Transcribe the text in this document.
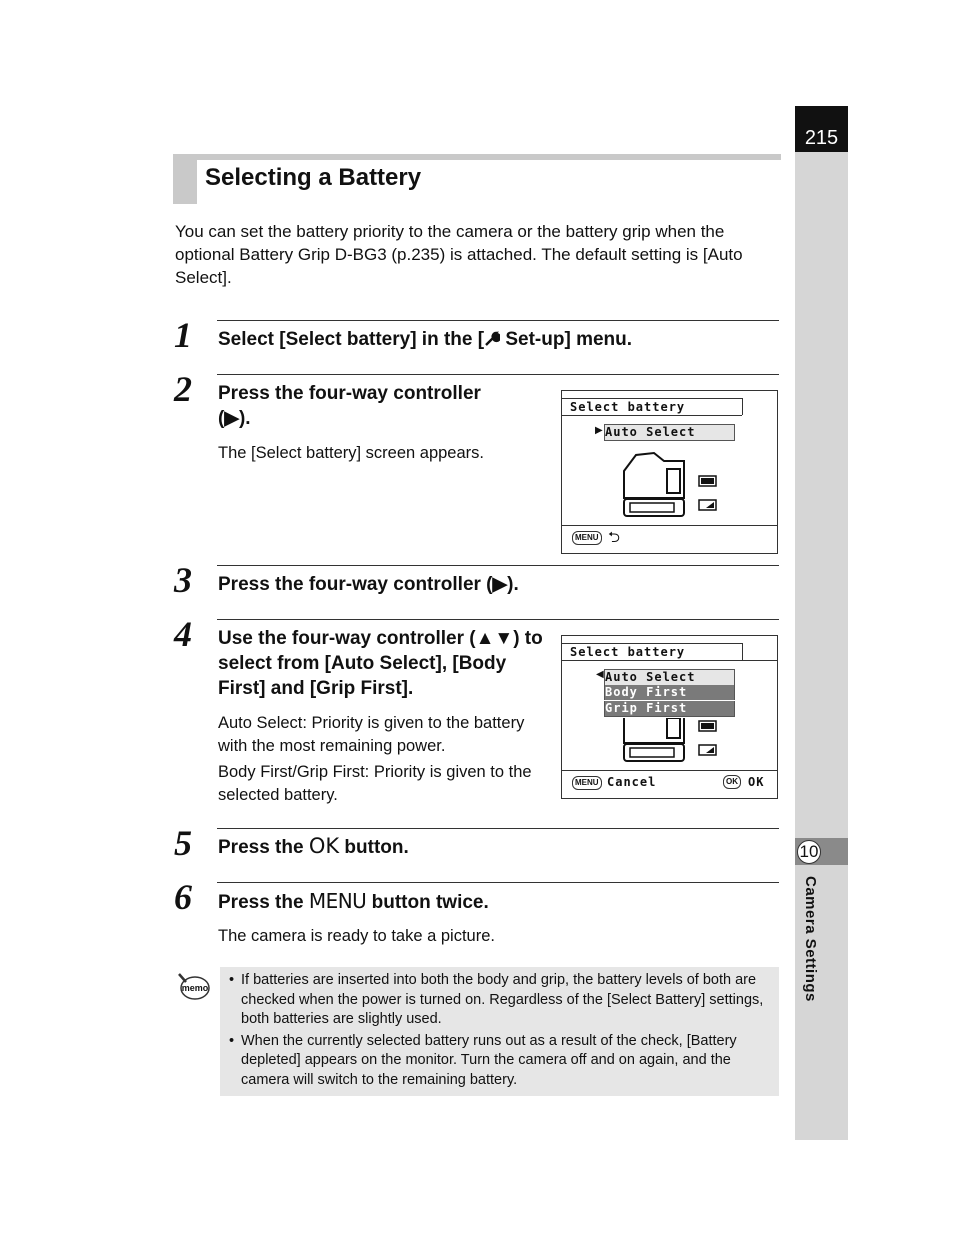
215
10
Camera Settings
Selecting a Battery
You can set the battery priority to the camera or the battery grip when the optional Battery Grip D-BG3 (p.235) is attached. The default setting is [Auto Select].
1 Select [Select battery] in the [ Set-up] menu.
2 Press the four-way controller (▶).
The [Select battery] screen appears.
Select battery
▶ Auto Select
MENU ⮌
3 Press the four-way controller (▶).
4 Use the four-way controller (▲▼) to select from [Auto Select], [Body First] and [Grip First].
Auto Select: Priority is given to the battery with the most remaining power.
Body First/Grip First: Priority is given to the selected battery.
Select battery
◀ Auto Select
Body First
Grip First
MENU Cancel	OK OK
5 Press the OK button.
6 Press the MENU button twice.
The camera is ready to take a picture.
memo
•	If batteries are inserted into both the body and grip, the battery levels of both are checked when the power is turned on. Regardless of the [Select Battery] settings, both batteries are slightly used.
• When the currently selected battery runs out as a result of the check, [Battery depleted] appears on the monitor. Turn the camera off and on again, and the camera will switch to the remaining battery.
